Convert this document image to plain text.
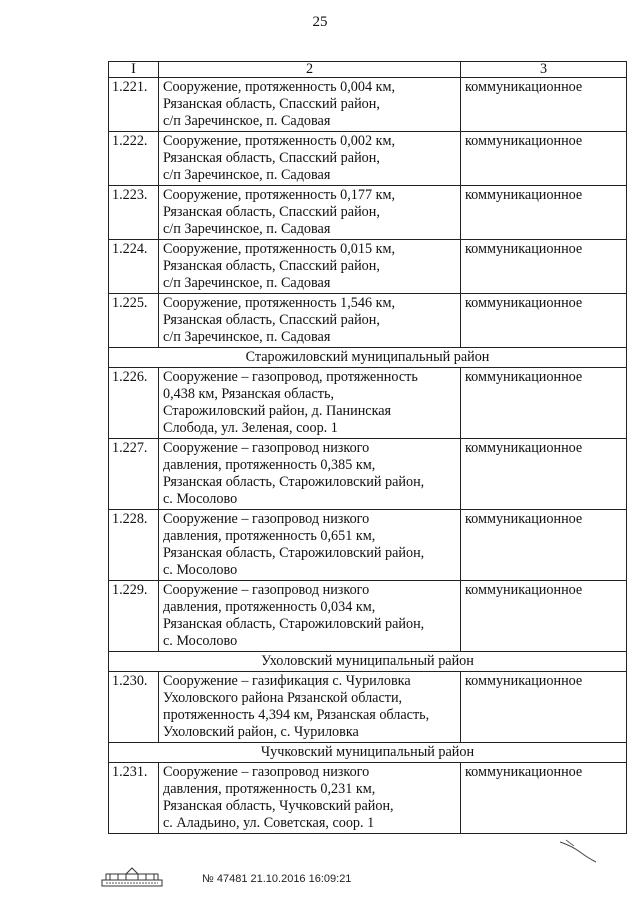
25
I	2	3
1.221.	Сооружение, протяженность 0,004 км,
Рязанская область, Спасский район,
с/п Заречинское, п. Садовая	коммуникационное
1.222.	Сооружение, протяженность 0,002 км,
Рязанская область, Спасский район,
с/п Заречинское, п. Садовая	коммуникационное
1.223.	Сооружение, протяженность 0,177 км,
Рязанская область, Спасский район,
с/п Заречинское, п. Садовая	коммуникационное
1.224.	Сооружение, протяженность 0,015 км,
Рязанская область, Спасский район,
с/п Заречинское, п. Садовая	коммуникационное
1.225.	Сооружение, протяженность 1,546 км,
Рязанская область, Спасский район,
с/п Заречинское, п. Садовая	коммуникационное
Старожиловский муниципальный район		
1.226.	Сооружение – газопровод, протяженность
0,438 км, Рязанская область,
Старожиловский район, д. Панинская
Слобода, ул. Зеленая, соор. 1	коммуникационное
1.227.	Сооружение – газопровод низкого
давления, протяженность 0,385 км,
Рязанская область, Старожиловский район,
с. Мосолово	коммуникационное
1.228.	Сооружение – газопровод низкого
давления, протяженность 0,651 км,
Рязанская область, Старожиловский район,
с. Мосолово	коммуникационное
1.229.	Сооружение – газопровод низкого
давления, протяженность 0,034 км,
Рязанская область, Старожиловский район,
с. Мосолово	коммуникационное
Ухоловский муниципальный район		
1.230.	Сооружение – газификация с. Чуриловка
Ухоловского района Рязанской области,
протяженность 4,394 км, Рязанская область,
Ухоловский район, с. Чуриловка	коммуникационное
Чучковский муниципальный район		
1.231.	Сооружение – газопровод низкого
давления, протяженность 0,231 км,
Рязанская область, Чучковский район,
с. Аладьино, ул. Советская, соор. 1	коммуникационное
№ 47481 21.10.2016 16:09:21
